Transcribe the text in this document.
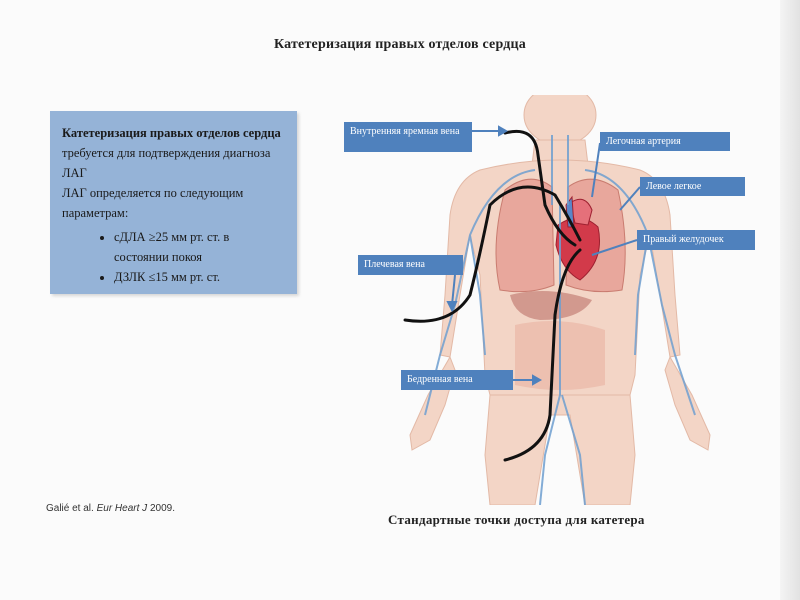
Катетеризация правых отделов сердца
Катетеризация правых отделов сердца требуется для подтверждения диагноза ЛАГ
ЛАГ определяется по следующим параметрам:
• сДЛА ≥25 мм рт. ст. в состоянии покоя
• ДЗЛК ≤15 мм рт. ст.
Galié et al. Eur Heart J 2009.
Внутренняя яремная вена
Легочная артерия
Левое легкое
Правый желудочек
Плечевая вена
Бедренная вена
Стандартные точки доступа для катетера
